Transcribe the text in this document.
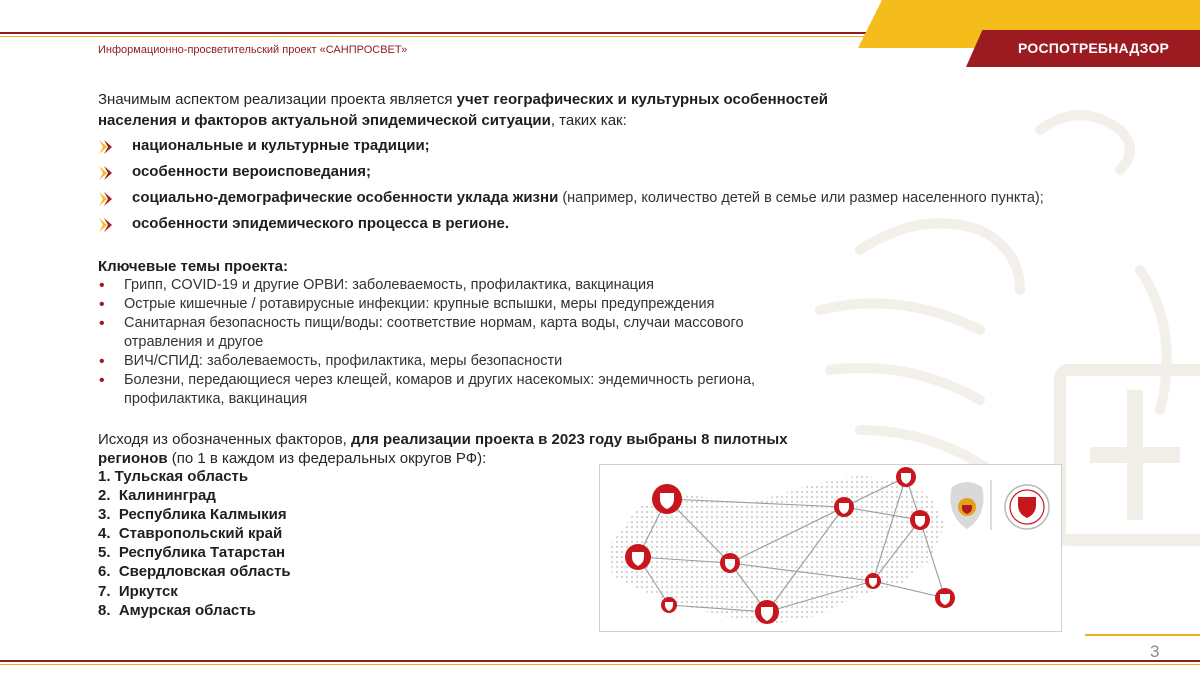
РОСПОТРЕБНАДЗОР
Информационно-просветительский проект «САНПРОСВЕТ»

Значимым аспектом реализации проекта является учет географических и культурных особенностей населения и факторов актуальной эпидемической ситуации, таких как:

национальные и культурные традиции;
особенности вероисповедания;
социально-демографические особенности уклада жизни (например, количество детей в семье или размер населенного пункта);
особенности эпидемического процесса в регионе.
Ключевые темы проекта:
• Грипп, COVID-19 и другие ОРВИ: заболеваемость, профилактика, вакцинация
• Острые кишечные / ротавирусные инфекции: крупные вспышки, меры предупреждения
• Санитарная безопасность пищи/воды: соответствие нормам, карта воды, случаи массового отравления и другое
• ВИЧ/СПИД: заболеваемость, профилактика, меры безопасности
• Болезни, передающиеся через клещей, комаров и других насекомых: эндемичность региона, профилактика, вакцинация

Исходя из обозначенных факторов, для реализации проекта в 2023 году выбраны 8 пилотных регионов (по 1 в каждом из федеральных округов РФ):

1. Тульская область
2.  Калининград
3.  Республика Калмыкия
4.  Ставропольский край
5.  Республика Татарстан
6.  Свердловская область
7.  Иркутск
8.  Амурская область
3
